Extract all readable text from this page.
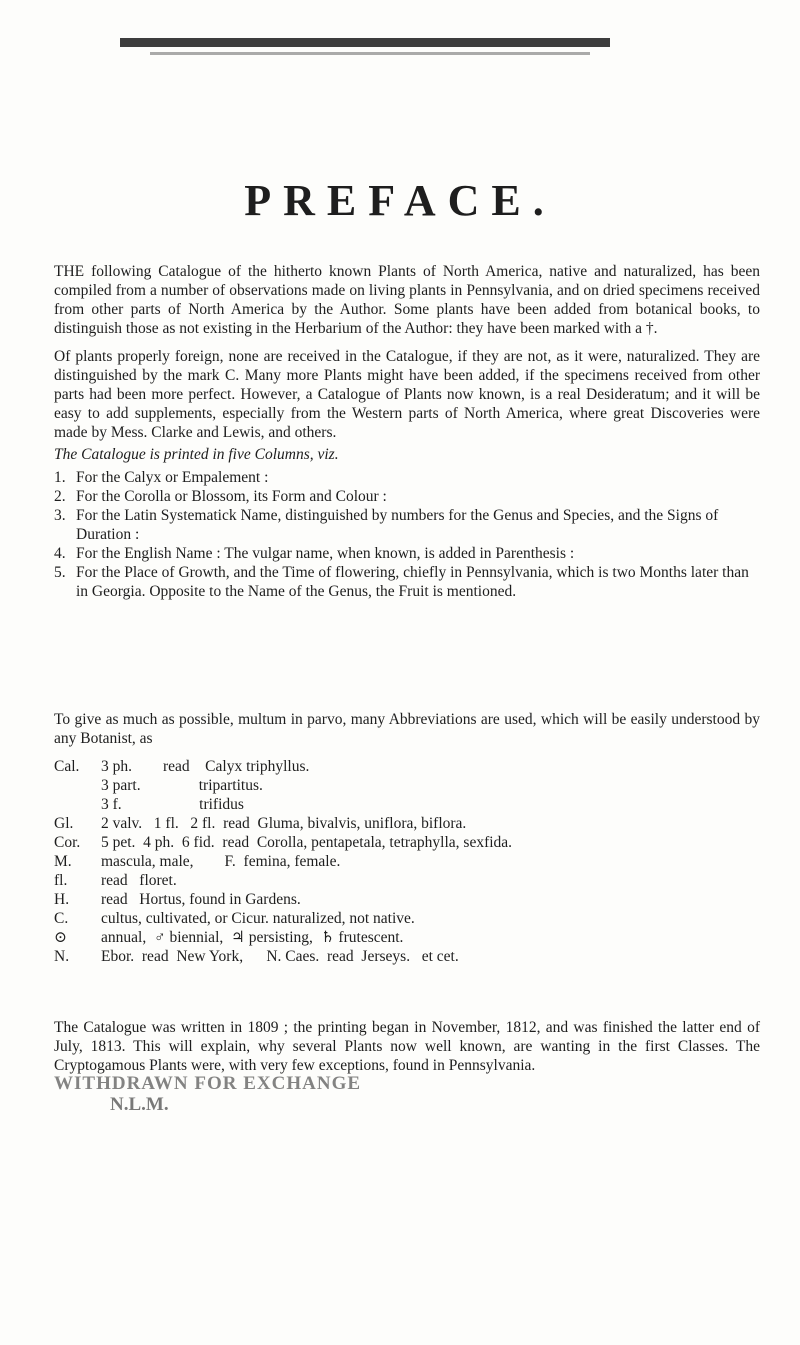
PREFACE.

THE following Catalogue of the hitherto known Plants of North America, native and naturalized, has been compiled from a number of observations made on living plants in Pennsylvania, and on dried specimens received from other parts of North America by the Author. Some plants have been added from botanical books, to distinguish those as not existing in the Herbarium of the Author: they have been marked with a †.

Of plants properly foreign, none are received in the Catalogue, if they are not, as it were, naturalized. They are distinguished by the mark C. Many more Plants might have been added, if the specimens received from other parts had been more perfect. However, a Catalogue of Plants now known, is a real Desideratum; and it will be easy to add supplements, especially from the Western parts of North America, where great Discoveries were made by Mess. Clarke and Lewis, and others.

The Catalogue is printed in five Columns, viz.
1. For the Calyx or Empalement :
2. For the Corolla or Blossom, its Form and Colour :
3. For the Latin Systematick Name, distinguished by numbers for the Genus and Species, and the Signs of Duration :
4. For the English Name : The vulgar name, when known, is added in Parenthesis :
5. For the Place of Growth, and the Time of flowering, chiefly in Pennsylvania, which is two Months later than in Georgia. Opposite to the Name of the Genus, the Fruit is mentioned.

To give as much as possible, multum in parvo, many Abbreviations are used, which will be easily understood by any Botanist, as

Cal.	3 ph.        read    Calyx triphyllus.
3 part.               tripartitus.
3 f.                    trifidus
Gl.	2 valv.   1 fl.   2 fl.  read  Gluma, bivalvis, uniflora, biflora.
Cor.	5 pet.  4 ph.  6 fid.  read  Corolla, pentapetala, tetraphylla, sexfida.
M.	mascula, male,        F.  femina, female.
fl.	read   floret.
H.	read   Hortus, found in Gardens.
C.	cultus, cultivated, or Cicur. naturalized, not native.
⊙	annual,  ♂ biennial,  ♃ persisting,  ♄ frutescent.
N.	Ebor.  read  New York,      N. Caes.  read  Jerseys.   et cet.

The Catalogue was written in 1809 ; the printing began in November, 1812, and was finished the latter end of July, 1813. This will explain, why several Plants now well known, are wanting in the first Classes. The Cryptogamous Plants were, with very few exceptions, found in Pennsylvania.

WITHDRAWN FOR EXCHANGE
N.L.M.
